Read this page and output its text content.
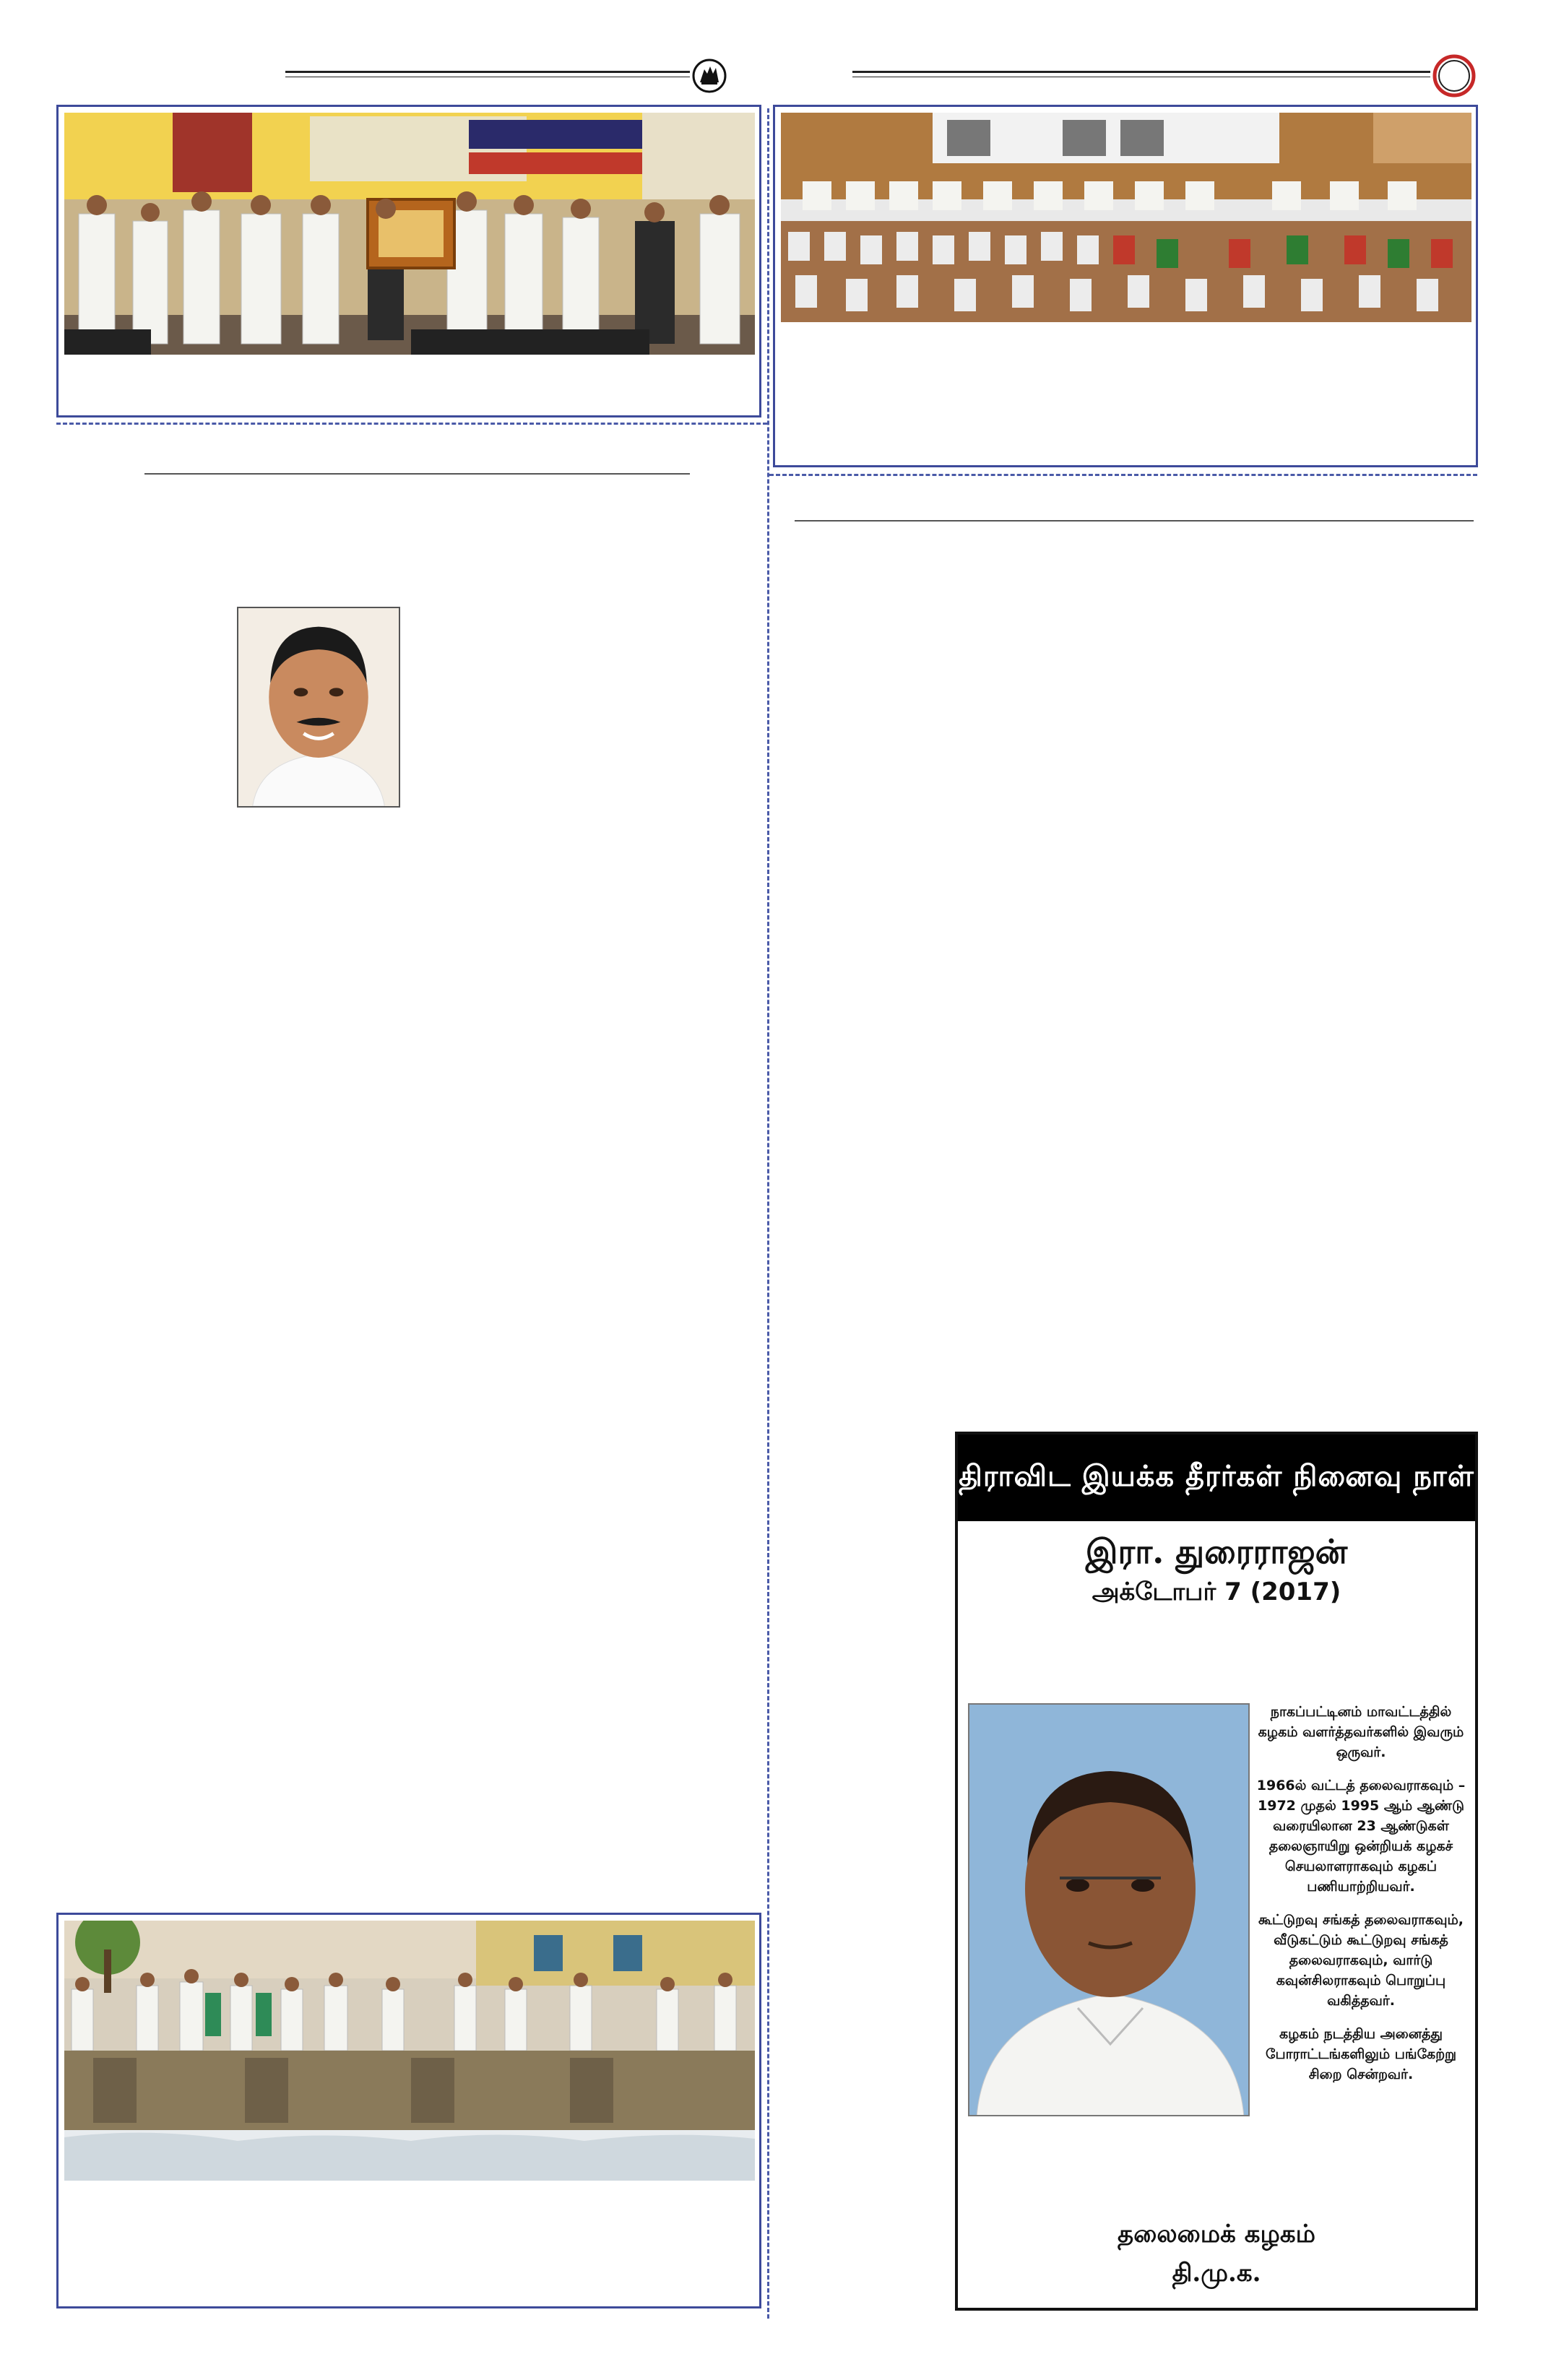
திராவிட இயக்க தீரர்கள் நினைவு நாள்
இரா. துரைராஜன்
அக்டோபர் 7 (2017)

நாகப்பட்டினம் மாவட்டத்தில் கழகம் வளர்த்தவர்களில் இவரும் ஒருவர்.

1966ல் வட்டத் தலைவராகவும் – 1972 முதல் 1995 ஆம் ஆண்டு வரையிலான 23 ஆண்டுகள் தலைஞாயிறு ஒன்றியக் கழகச் செயலாளராகவும் கழகப் பணியாற்றியவர்.

கூட்டுறவு சங்கத் தலைவராகவும், வீடுகட்டும் கூட்டுறவு சங்கத் தலைவராகவும், வார்டு கவுன்சிலராகவும் பொறுப்பு வகித்தவர்.

கழகம் நடத்திய அனைத்து போராட்டங்களிலும் பங்கேற்று சிறை சென்றவர்.

தலைமைக் கழகம்
தி.மு.க.
